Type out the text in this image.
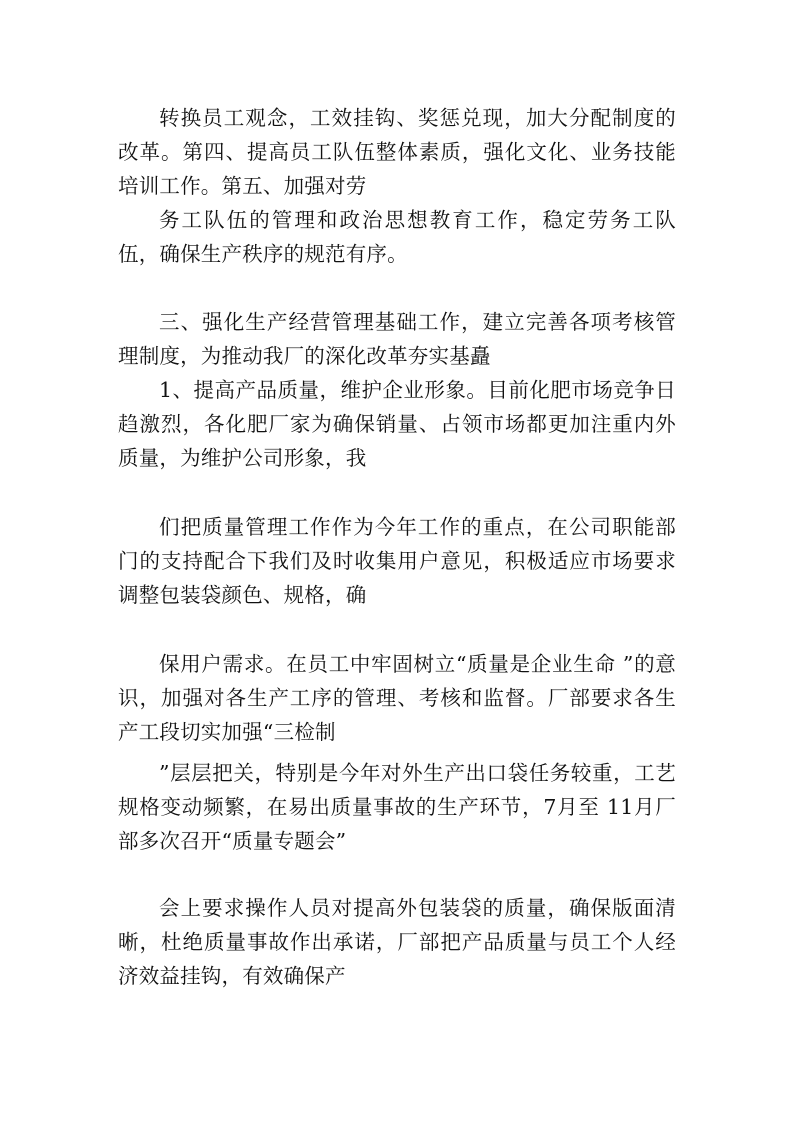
转换员工观念，工效挂钩、奖惩兑现，加大分配制度的改革。第四、提高员工队伍整体素质，强化文化、业务技能培训工作。第五、加强对劳

务工队伍的管理和政治思想教育工作，稳定劳务工队伍，确保生产秩序的规范有序。

三、强化生产经营管理基础工作，建立完善各项考核管理制度，为推动我厂的深化改革夯实基矗

1、提高产品质量，维护企业形象。目前化肥市场竞争日趋激烈，各化肥厂家为确保销量、占领市场都更加注重内外质量，为维护公司形象，我

们把质量管理工作作为今年工作的重点，在公司职能部门的支持配合下我们及时收集用户意见，积极适应市场要求调整包装袋颜色、规格，确

保用户需求。在员工中牢固树立“质量是企业生命 ”的意识，加强对各生产工序的管理、考核和监督。厂部要求各生产工段切实加强“三检制

”层层把关，特别是今年对外生产出口袋任务较重，工艺规格变动频繁，在易出质量事故的生产环节，7月至 11月厂部多次召开“质量专题会”

会上要求操作人员对提高外包装袋的质量，确保版面清晰，杜绝质量事故作出承诺，厂部把产品质量与员工个人经济效益挂钩，有效确保产
